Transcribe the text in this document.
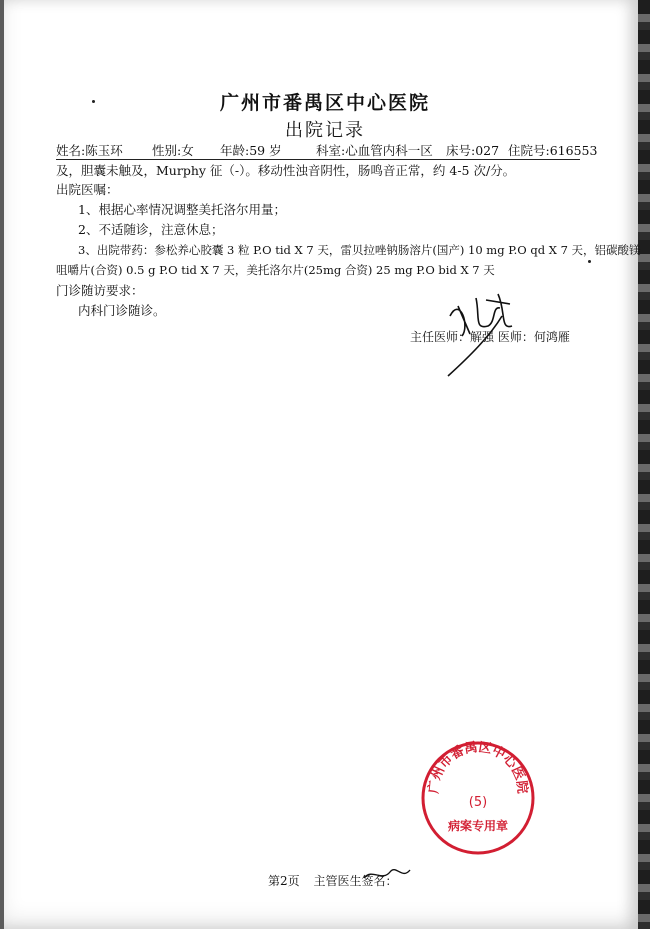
广州市番禺区中心医院
出院记录
姓名:陈玉环 性别:女 年龄:59 岁	科室:心血管内科一区 床号:027 住院号:616553
及，胆囊未触及，Murphy 征（-）。移动性浊音阴性，肠鸣音正常，约 4-5 次/分。
出院医嘱：
1、根据心率情况调整美托洛尔用量；
2、不适随诊，注意休息；
3、出院带药：参松养心胶囊 3 粒 P.O tid X 7 天，雷贝拉唑钠肠溶片(国产) 10 mg P.O qd X 7 天，铝碳酸镁
咀嚼片(合资) 0.5 g P.O tid X 7 天，美托洛尔片(25mg 合资) 25 mg P.O bid X 7 天
门诊随访要求：
内科门诊随诊。
主任医师：解强 医师：何鸿雁
广州市番禺区中心医院
(5)
病案专用章
第2页 主管医生签名：
